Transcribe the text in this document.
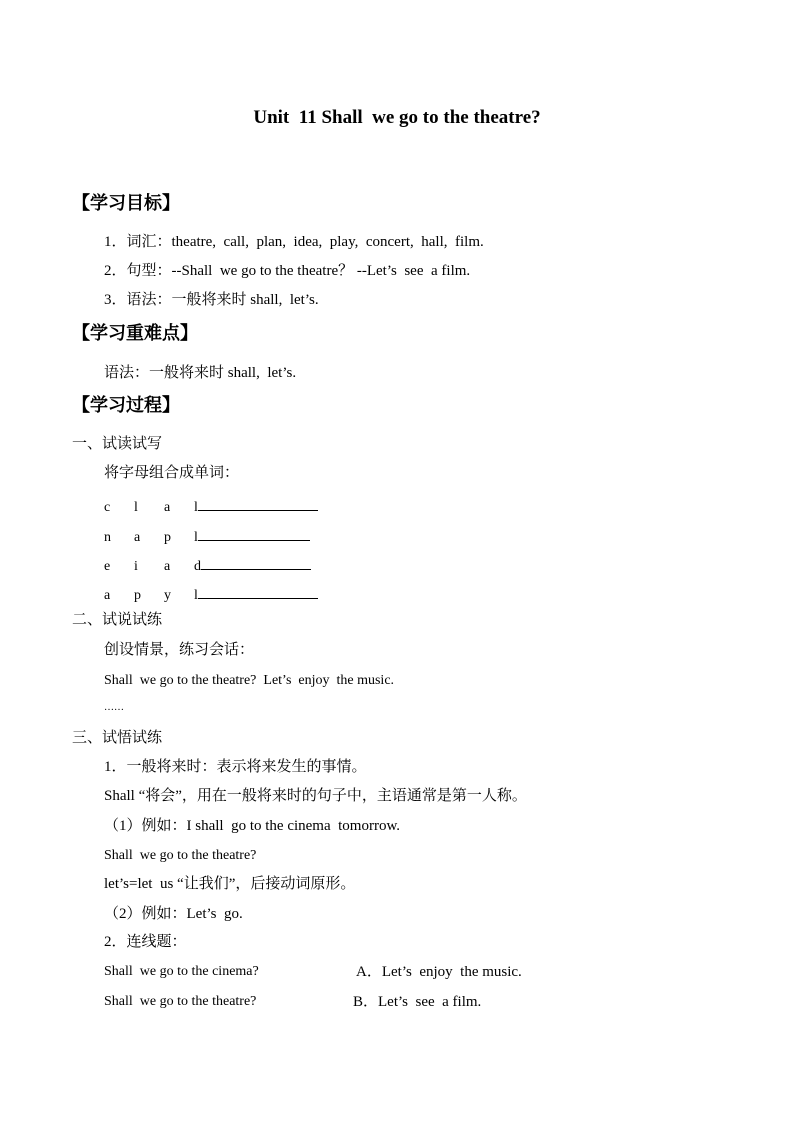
Unit  11 Shall  we go to the theatre?
【学习目标】
1．词汇：theatre,  call,  plan,  idea,  play,  concert,  hall,  film.
2．句型：--Shall  we go to the theatre？ --Let’s  see  a film.
3．语法：一般将来时 shall,  let’s.
【学习重难点】
语法：一般将来时 shall,  let’s.
【学习过程】
一、试读试写
将字母组合成单词：
c l a l
n a p l
e i a d
a p y l
二、试说试练
创设情景，练习会话：
Shall  we go to the theatre?  Let’s  enjoy  the music.
……
三、试悟试练
1．一般将来时：表示将来发生的事情。
Shall “将会”，用在一般将来时的句子中，主语通常是第一人称。
（1）例如：I shall  go to the cinema  tomorrow.
Shall  we go to the theatre?
let’s=let  us “让我们”，后接动词原形。
（2）例如：Let’s  go.
2．连线题：
Shall  we go to the cinema?	A．Let’s  enjoy  the music.
Shall  we go to the theatre?	B．Let’s  see  a film.
